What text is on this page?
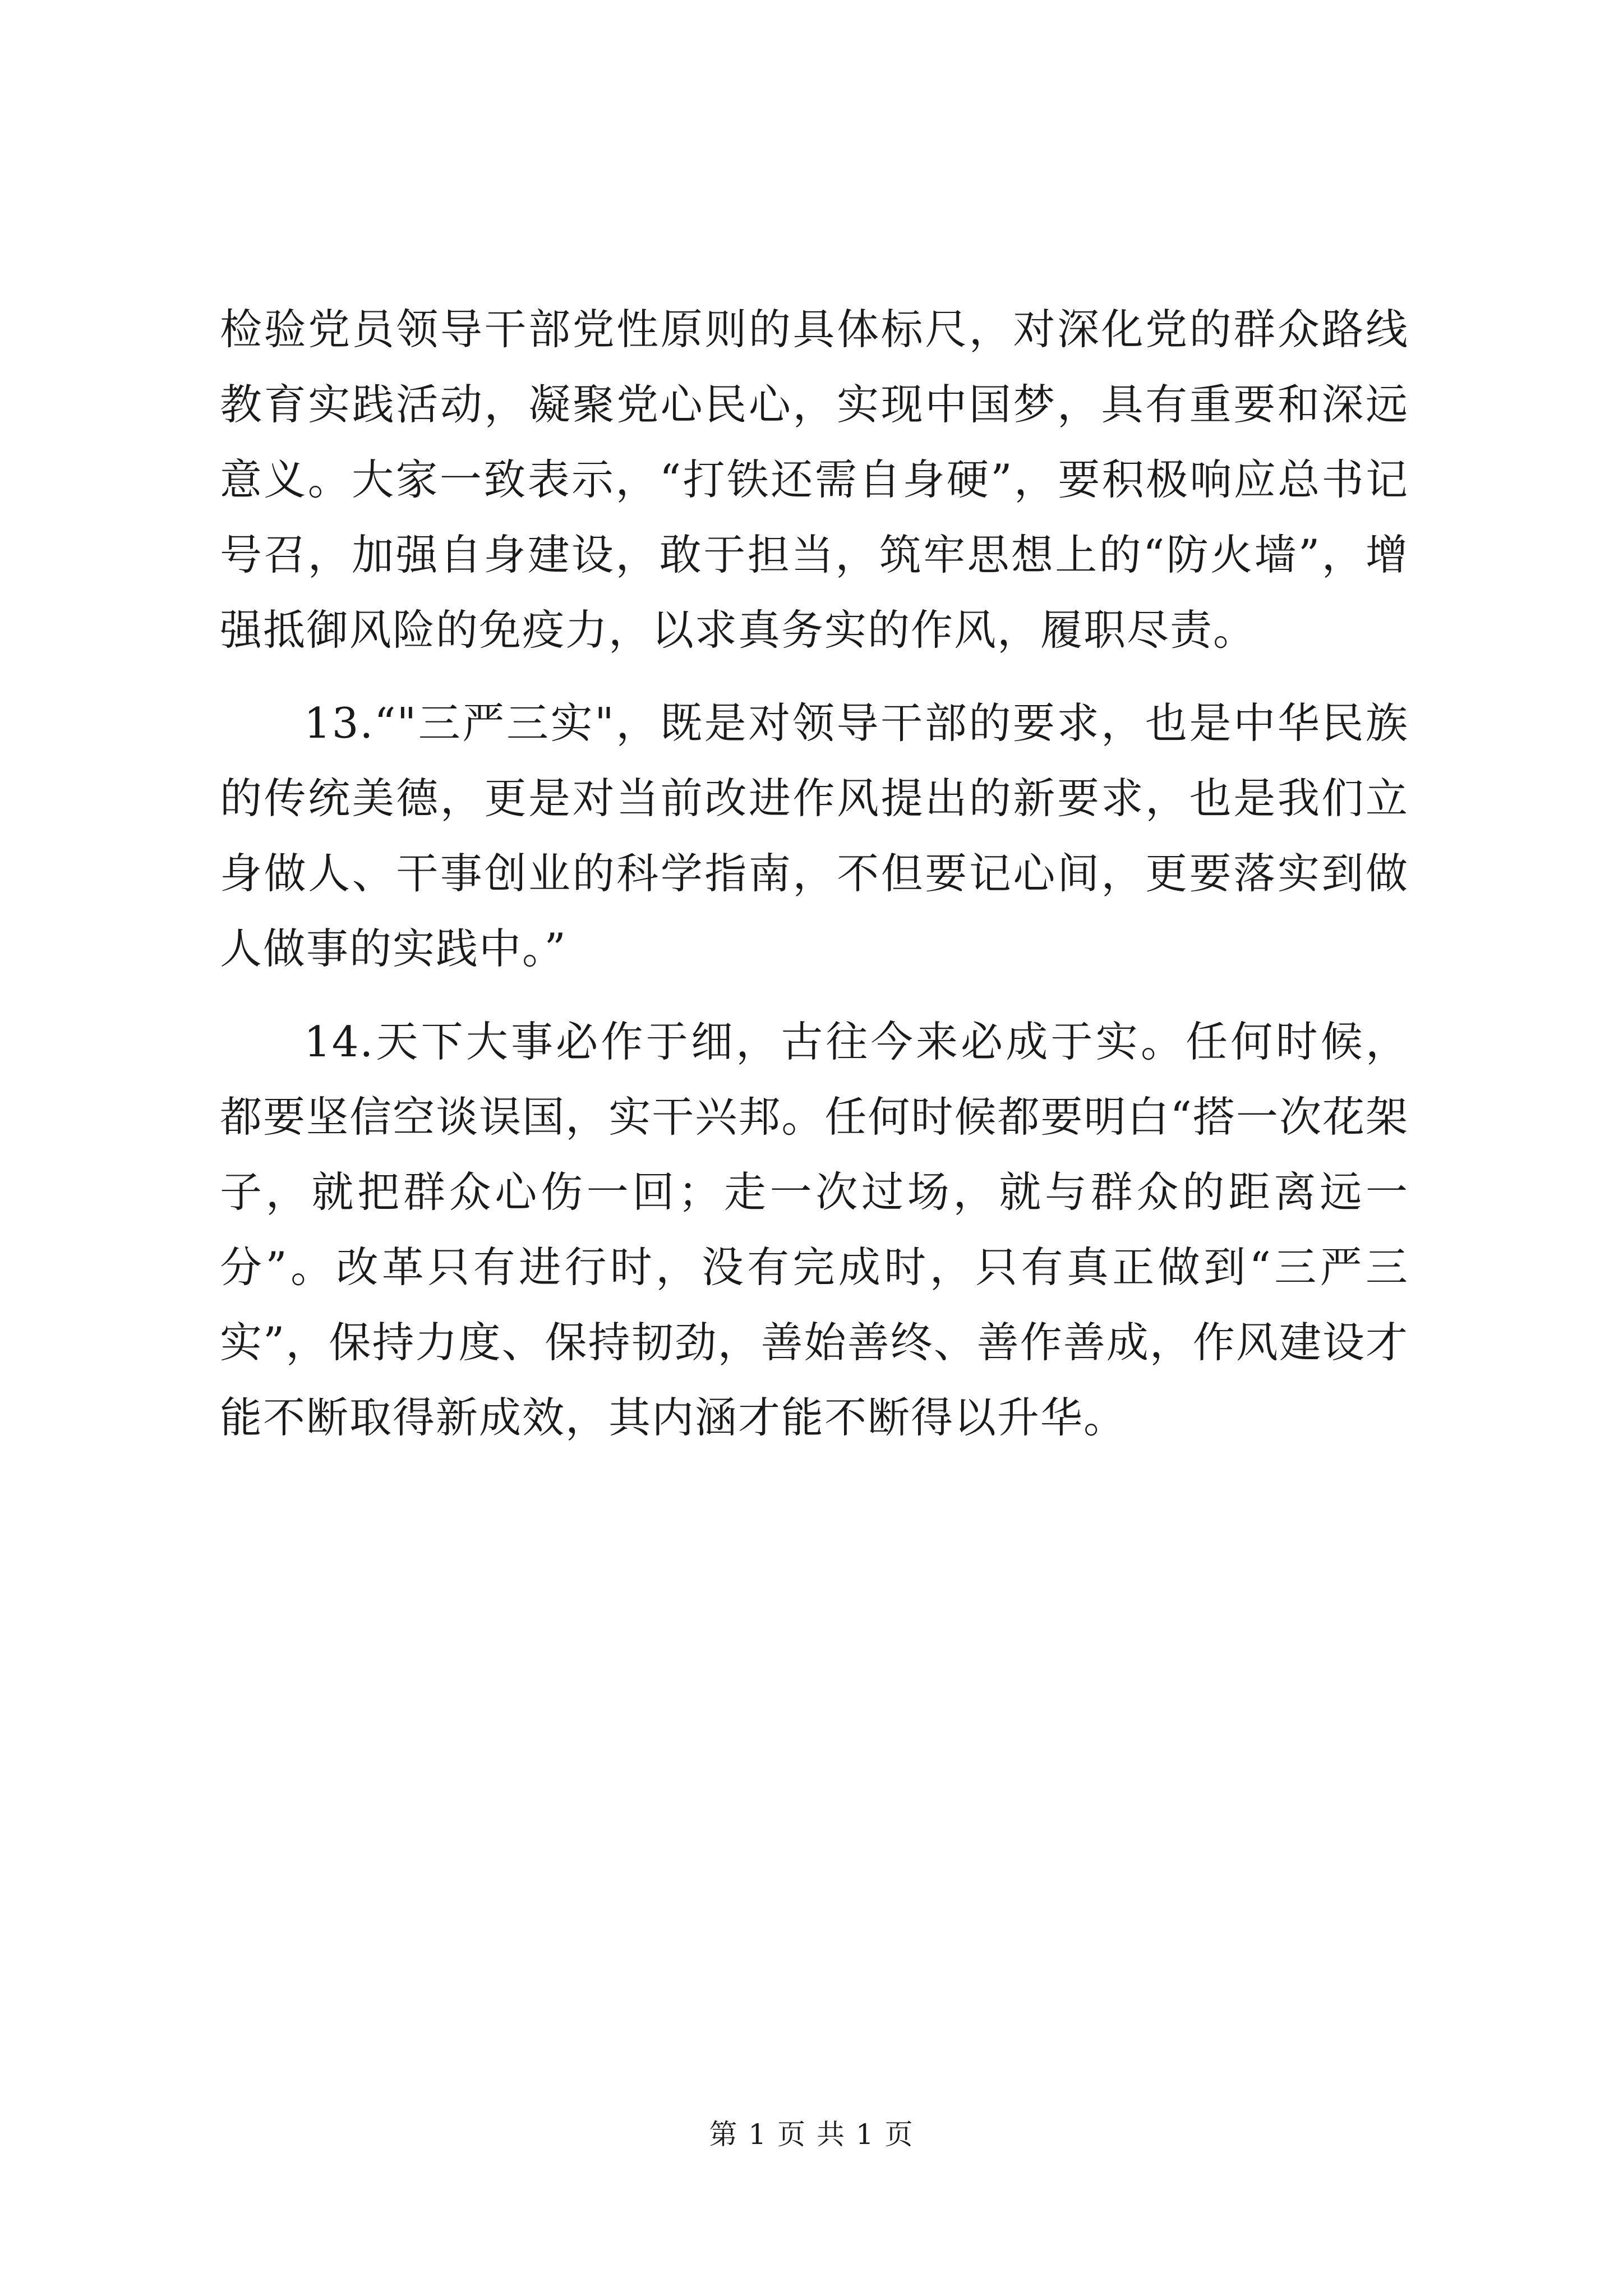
检验党员领导干部党性原则的具体标尺，对深化党的群众路线教育实践活动，凝聚党心民心，实现中国梦，具有重要和深远意义。大家一致表示，“打铁还需自身硬”，要积极响应总书记号召，加强自身建设，敢于担当，筑牢思想上的“防火墙”，增强抵御风险的免疫力，以求真务实的作风，履职尽责。

13.“"三严三实"，既是对领导干部的要求，也是中华民族的传统美德，更是对当前改进作风提出的新要求，也是我们立身做人、干事创业的科学指南，不但要记心间，更要落实到做人做事的实践中。”

14.天下大事必作于细，古往今来必成于实。任何时候，都要坚信空谈误国，实干兴邦。任何时候都要明白“搭一次花架子，就把群众心伤一回；走一次过场，就与群众的距离远一分”。改革只有进行时，没有完成时，只有真正做到“三严三实”，保持力度、保持韧劲，善始善终、善作善成，作风建设才能不断取得新成效，其内涵才能不断得以升华。

第 1 页 共 1 页
